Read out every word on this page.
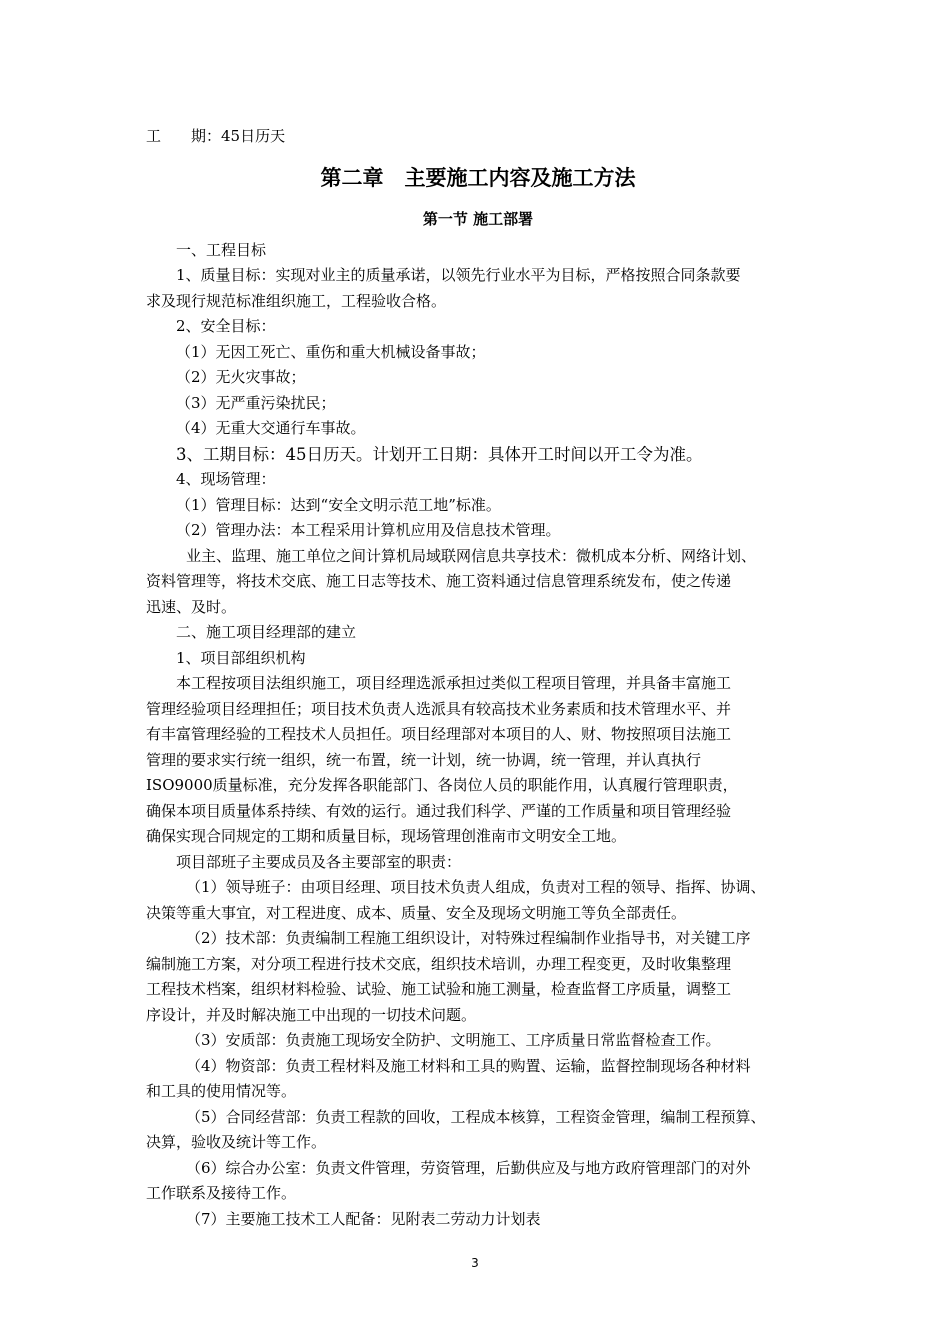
工　　期：45日历天

第二章　主要施工内容及施工方法
第一节 施工部署

一、工程目标

1、质量目标：实现对业主的质量承诺，以领先行业水平为目标，严格按照合同条款要

求及现行规范标准组织施工，工程验收合格。

2、安全目标：

（1）无因工死亡、重伤和重大机械设备事故；

（2）无火灾事故；

（3）无严重污染扰民；

（4）无重大交通行车事故。

3、工期目标：45日历天。计划开工日期：具体开工时间以开工令为准。

4、现场管理：

（1）管理目标：达到“安全文明示范工地”标准。

（2）管理办法：本工程采用计算机应用及信息技术管理。

业主、监理、施工单位之间计算机局域联网信息共享技术：微机成本分析、网络计划、

资料管理等，将技术交底、施工日志等技术、施工资料通过信息管理系统发布，使之传递

迅速、及时。

二、施工项目经理部的建立

1、项目部组织机构

本工程按项目法组织施工，项目经理选派承担过类似工程项目管理，并具备丰富施工

管理经验项目经理担任；项目技术负责人选派具有较高技术业务素质和技术管理水平、并

有丰富管理经验的工程技术人员担任。项目经理部对本项目的人、财、物按照项目法施工

管理的要求实行统一组织，统一布置，统一计划，统一协调，统一管理，并认真执行

ISO9000质量标准，充分发挥各职能部门、各岗位人员的职能作用，认真履行管理职责，

确保本项目质量体系持续、有效的运行。通过我们科学、严谨的工作质量和项目管理经验

确保实现合同规定的工期和质量目标，现场管理创淮南市文明安全工地。

项目部班子主要成员及各主要部室的职责：

（1）领导班子：由项目经理、项目技术负责人组成，负责对工程的领导、指挥、协调、

决策等重大事宜，对工程进度、成本、质量、安全及现场文明施工等负全部责任。

（2）技术部：负责编制工程施工组织设计，对特殊过程编制作业指导书，对关键工序

编制施工方案，对分项工程进行技术交底，组织技术培训，办理工程变更，及时收集整理

工程技术档案，组织材料检验、试验、施工试验和施工测量，检查监督工序质量，调整工

序设计，并及时解决施工中出现的一切技术问题。

（3）安质部：负责施工现场安全防护、文明施工、工序质量日常监督检查工作。

（4）物资部：负责工程材料及施工材料和工具的购置、运输，监督控制现场各种材料

和工具的使用情况等。

（5）合同经营部：负责工程款的回收，工程成本核算，工程资金管理，编制工程预算、

决算，验收及统计等工作。

（6）综合办公室：负责文件管理，劳资管理，后勤供应及与地方政府管理部门的对外

工作联系及接待工作。

（7）主要施工技术工人配备：见附表二劳动力计划表

3
